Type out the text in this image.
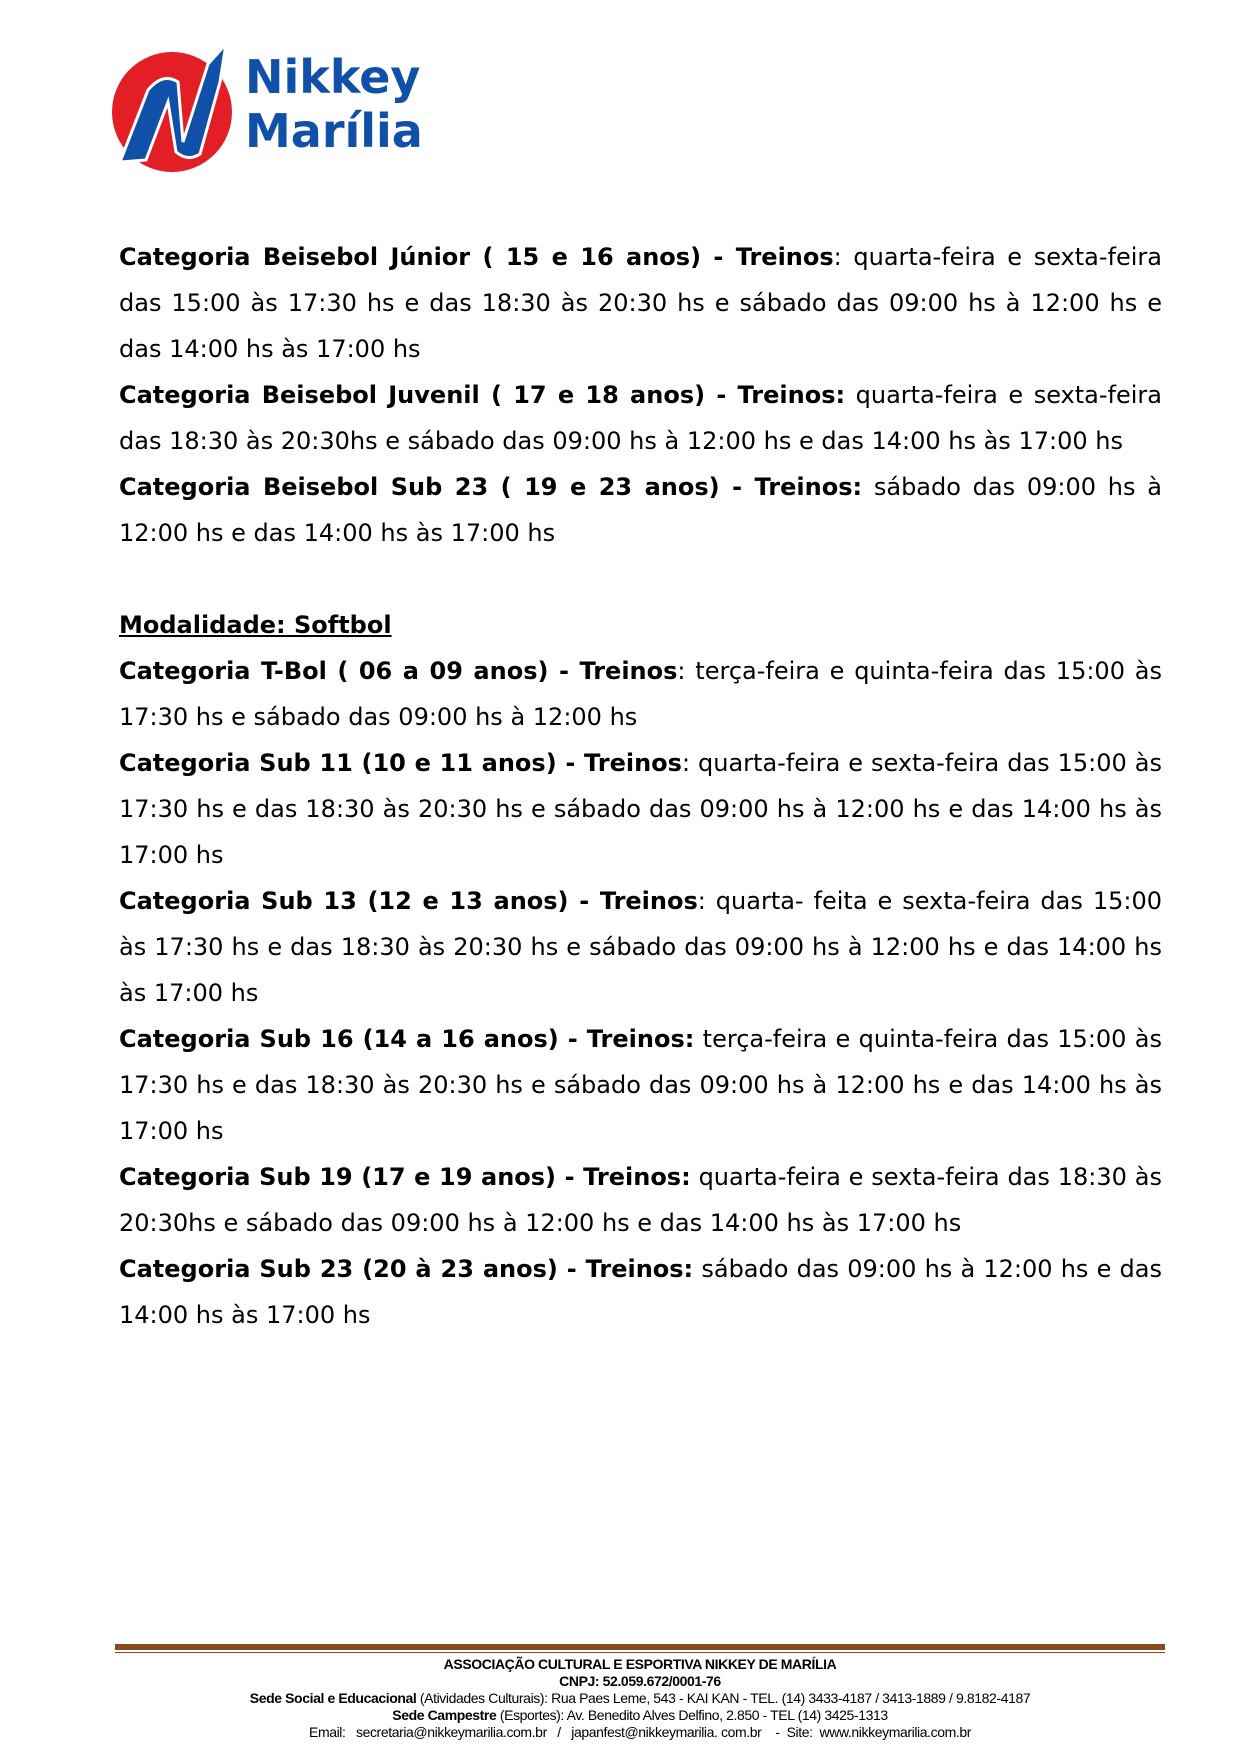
Nikkey
Marília

Categoria Beisebol Júnior ( 15 e 16 anos) - Treinos: quarta-feira e sexta-feira das 15:00 às 17:30 hs e das 18:30 às 20:30 hs e sábado das 09:00 hs à 12:00 hs e das 14:00 hs às 17:00 hs

Categoria Beisebol Juvenil ( 17 e 18 anos) - Treinos: quarta-feira e sexta-feira das 18:30 às 20:30hs e sábado das 09:00 hs à 12:00 hs e das 14:00 hs às 17:00 hs

Categoria Beisebol Sub 23 ( 19 e 23 anos) - Treinos: sábado das 09:00 hs à 12:00 hs e das 14:00 hs às 17:00 hs

Modalidade: Softbol

Categoria T-Bol ( 06 a 09 anos) - Treinos: terça-feira e quinta-feira das 15:00 às 17:30 hs e sábado das 09:00 hs à 12:00 hs

Categoria Sub 11 (10 e 11 anos) - Treinos: quarta-feira e sexta-feira das 15:00 às 17:30 hs e das 18:30 às 20:30 hs e sábado das 09:00 hs à 12:00 hs e das 14:00 hs às 17:00 hs

Categoria Sub 13 (12 e 13 anos) - Treinos: quarta- feita e sexta-feira das 15:00 às 17:30 hs e das 18:30 às 20:30 hs e sábado das 09:00 hs à 12:00 hs e das 14:00 hs às 17:00 hs

Categoria Sub 16 (14 a 16 anos) - Treinos: terça-feira e quinta-feira das 15:00 às 17:30 hs e das 18:30 às 20:30 hs e sábado das 09:00 hs à 12:00 hs e das 14:00 hs às 17:00 hs

Categoria Sub 19 (17 e 19 anos) - Treinos: quarta-feira e sexta-feira das 18:30 às 20:30hs e sábado das 09:00 hs à 12:00 hs e das 14:00 hs às 17:00 hs

Categoria Sub 23 (20 à 23 anos) - Treinos: sábado das 09:00 hs à 12:00 hs e das 14:00 hs às 17:00 hs

ASSOCIAÇÃO CULTURAL E ESPORTIVA NIKKEY DE MARÍLIA
CNPJ: 52.059.672/0001-76
Sede Social e Educacional (Atividades Culturais): Rua Paes Leme, 543 - KAI KAN - TEL. (14) 3433-4187 / 3413-1889 / 9.8182-4187
Sede Campestre (Esportes): Av. Benedito Alves Delfino, 2.850 - TEL (14) 3425-1313
Email:   secretaria@nikkeymarilia.com.br   /   japanfest@nikkeymarilia. com.br    -  Site:  www.nikkeymarilia.com.br
